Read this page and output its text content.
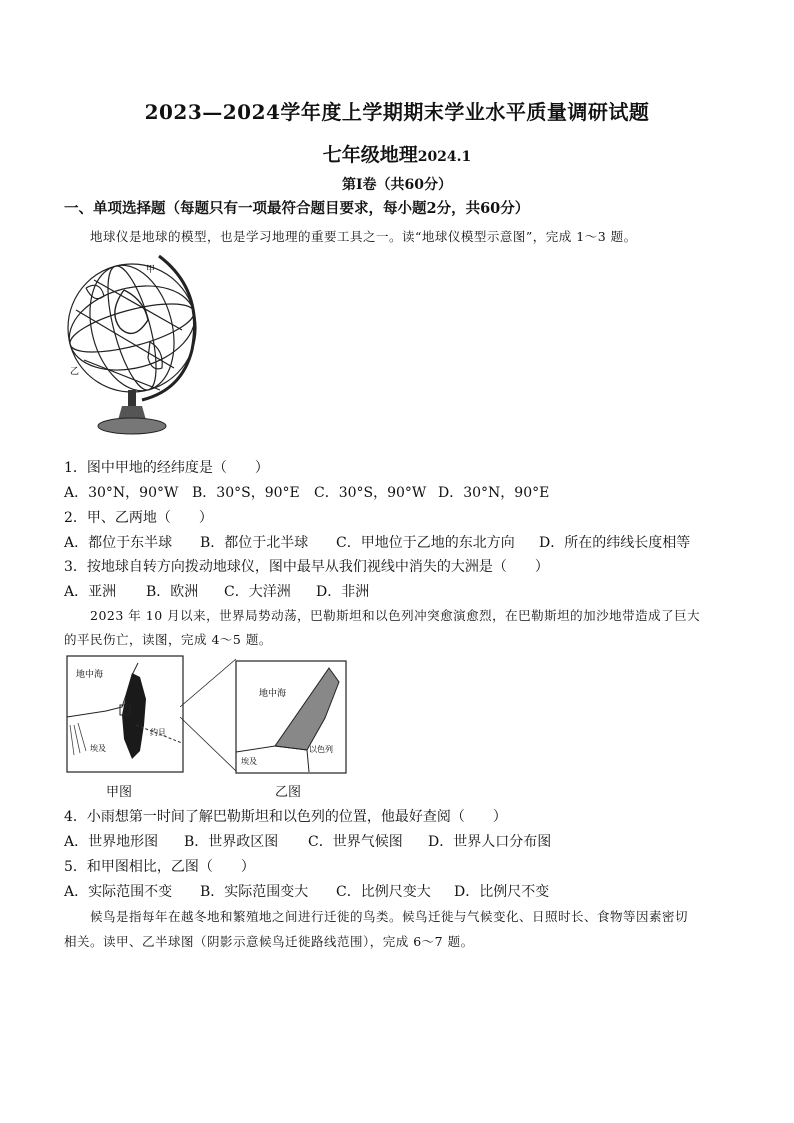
2023—2024学年度上学期期末学业水平质量调研试题
七年级地理2024.1
第Ⅰ卷（共60分）
一、单项选择题（每题只有一项最符合题目要求，每小题2分，共60分）
地球仪是地球的模型，也是学习地理的重要工具之一。读“地球仪模型示意图”，完成 1～3 题。
甲
乙
1．图中甲地的经纬度是（　　）
A．30°N，90°W B．30°S，90°E C．30°S，90°W D．30°N，90°E
2．甲、乙两地（　　）
A．都位于东半球 B．都位于北半球 C．甲地位于乙地的东北方向 D．所在的纬线长度相等
3．按地球自转方向拨动地球仪，图中最早从我们视线中消失的大洲是（　　）
A．亚洲 B．欧洲 C．大洋洲 D．非洲
2023 年 10 月以来，世界局势动荡，巴勒斯坦和以色列冲突愈演愈烈，在巴勒斯坦的加沙地带造成了巨大
的平民伤亡，读图，完成 4～5 题。
地中海
埃及
约旦
甲图
地中海
埃及
以色列
乙图
4．小雨想第一时间了解巴勒斯坦和以色列的位置，他最好查阅（　　）
A．世界地形图 B．世界政区图 C．世界气候图 D．世界人口分布图
5．和甲图相比，乙图（　　）
A．实际范围不变 B．实际范围变大 C．比例尺变大 D．比例尺不变
候鸟是指每年在越冬地和繁殖地之间进行迁徙的鸟类。候鸟迁徙与气候变化、日照时长、食物等因素密切
相关。读甲、乙半球图（阴影示意候鸟迁徙路线范围），完成 6～7 题。
